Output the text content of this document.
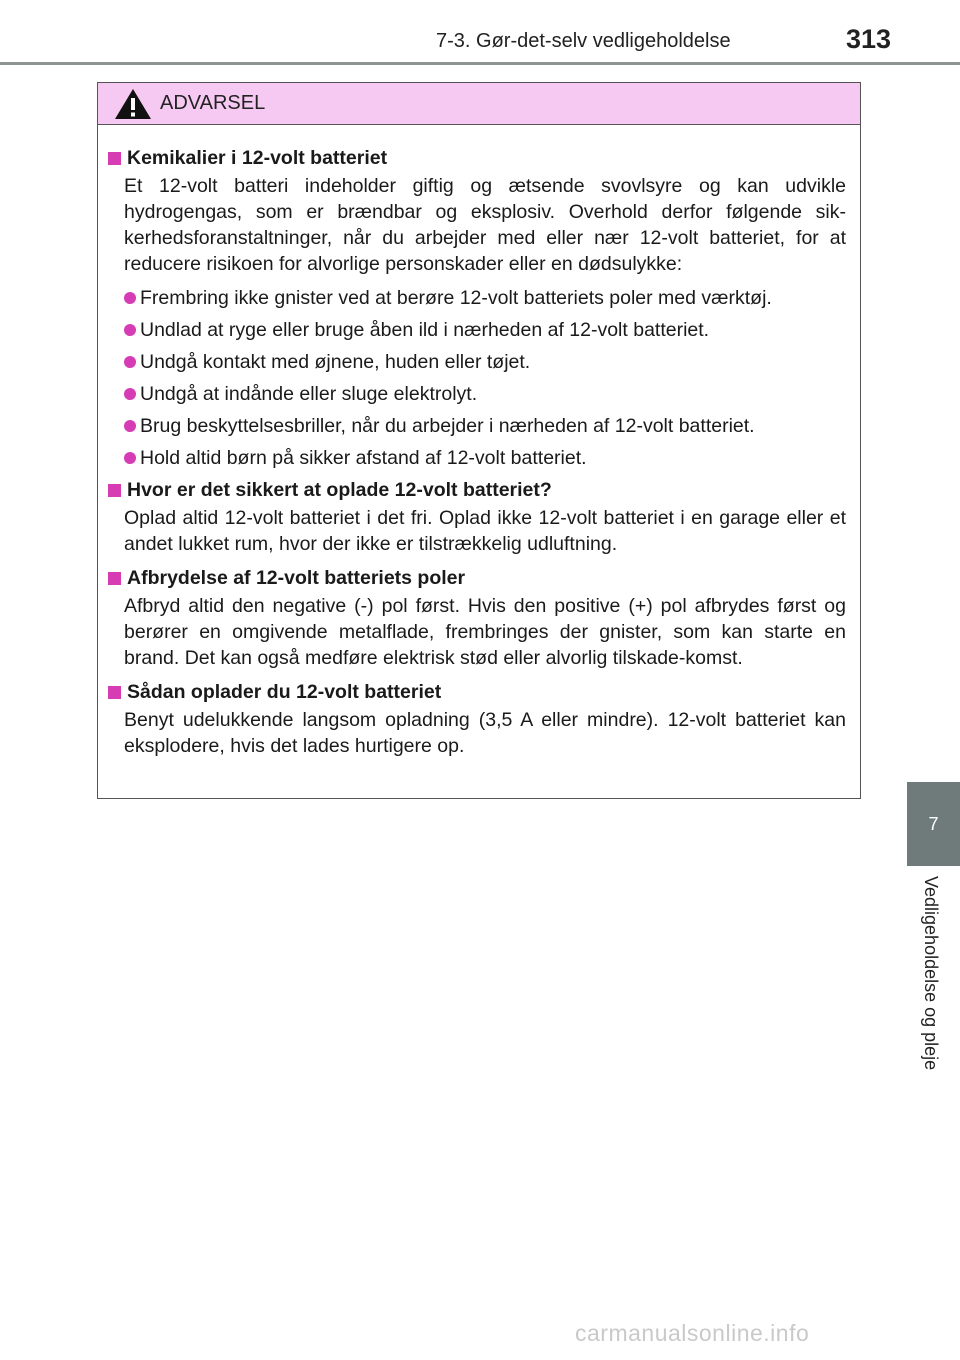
7-3. Gør-det-selv vedligeholdelse	313
7
Vedligeholdelse og pleje
ADVARSEL
Kemikalier i 12-volt batteriet

Et 12-volt batteri indeholder giftig og ætsende svovlsyre og kan udvikle hydrogengas, som er brændbar og eksplosiv. Overhold derfor følgende sik-kerhedsforanstaltninger, når du arbejder med eller nær 12-volt batteriet, for at reducere risikoen for alvorlige personskader eller en dødsulykke:

Frembring ikke gnister ved at berøre 12-volt batteriets poler med værktøj.
Undlad at ryge eller bruge åben ild i nærheden af 12-volt batteriet.
Undgå kontakt med øjnene, huden eller tøjet.
Undgå at indånde eller sluge elektrolyt.
Brug beskyttelsesbriller, når du arbejder i nærheden af 12-volt batteriet.
Hold altid børn på sikker afstand af 12-volt batteriet.
Hvor er det sikkert at oplade 12-volt batteriet?

Oplad altid 12-volt batteriet i det fri. Oplad ikke 12-volt batteriet i en garage eller et andet lukket rum, hvor der ikke er tilstrækkelig udluftning.

Afbrydelse af 12-volt batteriets poler

Afbryd altid den negative (-) pol først. Hvis den positive (+) pol afbrydes først og berører en omgivende metalflade, frembringes der gnister, som kan starte en brand. Det kan også medføre elektrisk stød eller alvorlig tilskade-komst.

Sådan oplader du 12-volt batteriet

Benyt udelukkende langsom opladning (3,5 A eller mindre). 12-volt batteriet kan eksplodere, hvis det lades hurtigere op.

carmanualsonline.info
